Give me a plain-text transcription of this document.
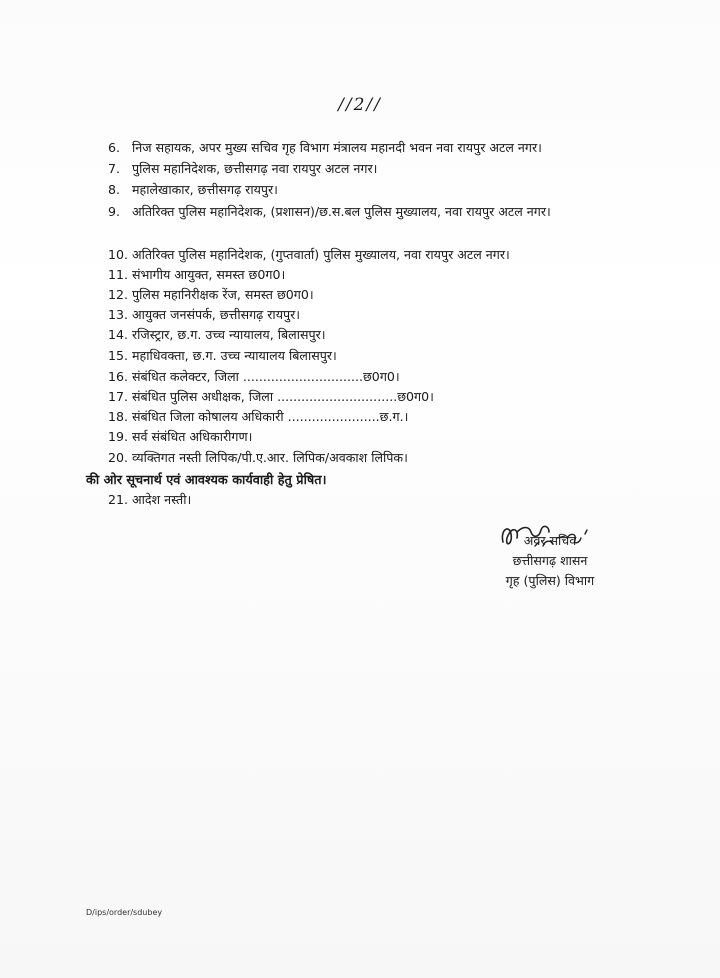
//2//
6. निज सहायक, अपर मुख्य सचिव गृह विभाग मंत्रालय महानदी भवन नवा रायपुर अटल नगर।
7. पुलिस महानिदेशक, छत्तीसगढ़ नवा रायपुर अटल नगर।
8. महालेखाकार, छत्तीसगढ़ रायपुर।
9. अतिरिक्त पुलिस महानिदेशक, (प्रशासन)/छ.स.बल पुलिस मुख्यालय, नवा रायपुर अटल नगर।
10. अतिरिक्त पुलिस महानिदेशक, (गुप्तवार्ता) पुलिस मुख्यालय, नवा रायपुर अटल नगर।
11. संभागीय आयुक्त, समस्त छ0ग0।
12. पुलिस महानिरीक्षक रेंज, समस्त छ0ग0।
13. आयुक्त जनसंपर्क, छत्तीसगढ़ रायपुर।
14. रजिस्ट्रार, छ.ग. उच्च न्यायालय, बिलासपुर।
15. महाधिवक्ता, छ.ग. उच्च न्यायालय बिलासपुर।
16. संबंधित कलेक्टर, जिला ..............................छ0ग0।
17. संबंधित पुलिस अधीक्षक, जिला ..............................छ0ग0।
18. संबंधित जिला कोषालय अधिकारी .......................छ.ग.।
19. सर्व संबंधित अधिकारीगण।
20. व्यक्तिगत नस्ती लिपिक/पी.ए.आर. लिपिक/अवकाश लिपिक।
की ओर सूचनार्थ एवं आवश्यक कार्यवाही हेतु प्रेषित।
21. आदेश नस्ती।
अवर सचिव
छत्तीसगढ़ शासन
गृह (पुलिस) विभाग
D/ips/order/sdubey
